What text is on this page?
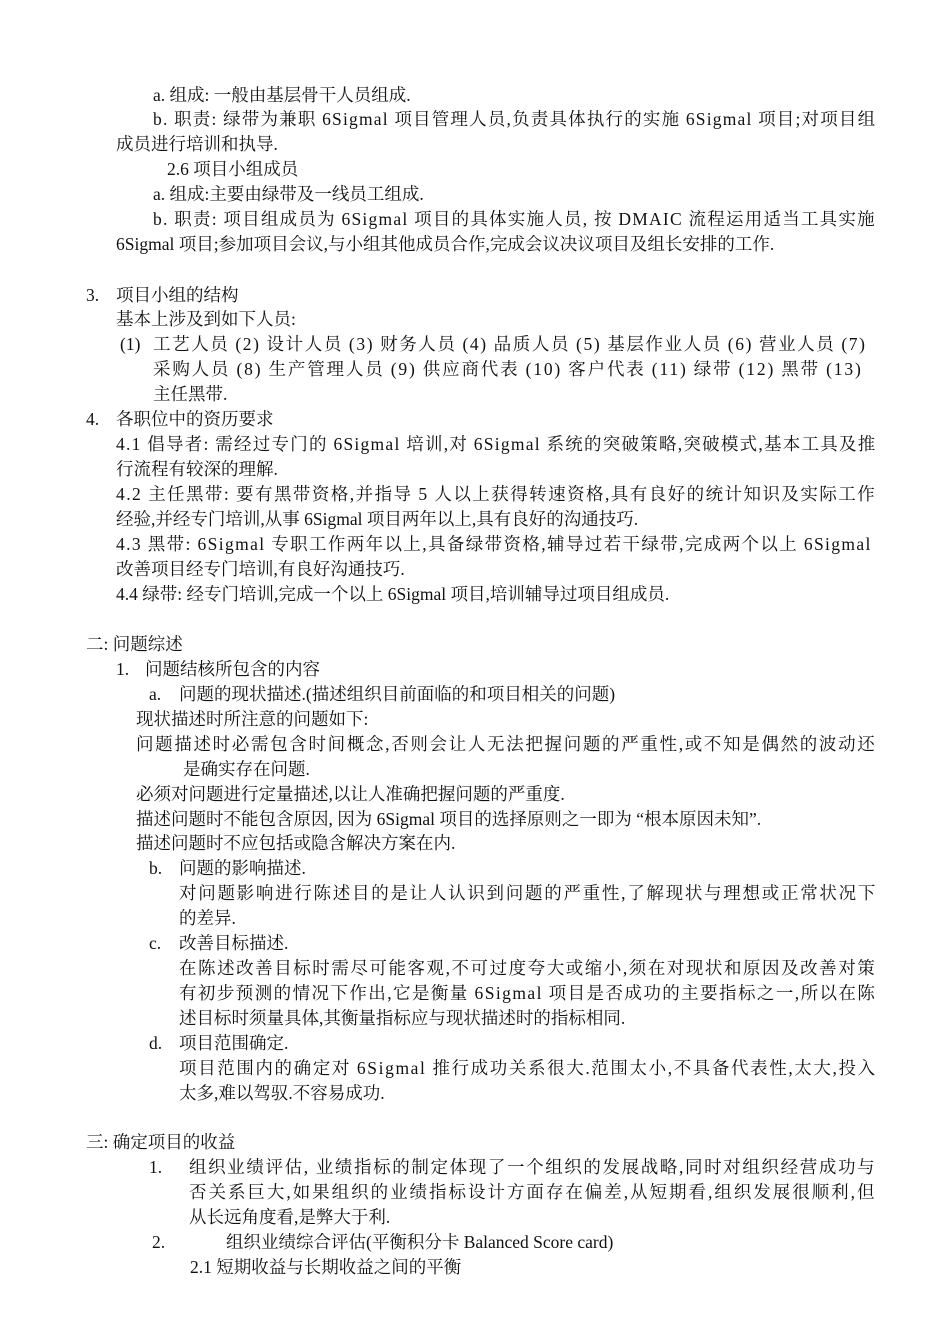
a. 组成: 一般由基层骨干人员组成.
b. 职责: 绿带为兼职 6Sigmal 项目管理人员,负责具体执行的实施 6Sigmal 项目;对项目组
成员进行培训和执导.
2.6 项目小组成员
a. 组成:主要由绿带及一线员工组成.
b. 职责: 项目组成员为 6Sigmal 项目的具体实施人员, 按 DMAIC 流程运用适当工具实施
6Sigmal 项目;参加项目会议,与小组其他成员合作,完成会议决议项目及组长安排的工作.
3. 项目小组的结构
基本上涉及到如下人员:
(1) 工艺人员 (2) 设计人员 (3) 财务人员 (4) 品质人员 (5) 基层作业人员 (6) 营业人员 (7)
采购人员 (8) 生产管理人员 (9) 供应商代表 (10) 客户代表 (11) 绿带 (12) 黑带 (13)
主任黑带.
4. 各职位中的资历要求
4.1 倡导者: 需经过专门的 6Sigmal 培训,对 6Sigmal 系统的突破策略,突破模式,基本工具及推
行流程有较深的理解.
4.2 主任黑带: 要有黑带资格,并指导 5 人以上获得转速资格,具有良好的统计知识及实际工作
经验,并经专门培训,从事 6Sigmal 项目两年以上,具有良好的沟通技巧.
4.3 黑带: 6Sigmal 专职工作两年以上,具备绿带资格,辅导过若干绿带,完成两个以上 6Sigmal
改善项目经专门培训,有良好沟通技巧.
4.4 绿带: 经专门培训,完成一个以上 6Sigmal 项目,培训辅导过项目组成员.
二: 问题综述
1. 问题结核所包含的内容
a. 问题的现状描述.(描述组织目前面临的和项目相关的问题)
现状描述时所注意的问题如下:
问题描述时必需包含时间概念,否则会让人无法把握问题的严重性,或不知是偶然的波动还
是确实存在问题.
必须对问题进行定量描述,以让人准确把握问题的严重度.
描述问题时不能包含原因, 因为 6Sigmal 项目的选择原则之一即为 “根本原因未知”.
描述问题时不应包括或隐含解决方案在内.
b. 问题的影响描述.
对问题影响进行陈述目的是让人认识到问题的严重性,了解现状与理想或正常状况下
的差异.
c. 改善目标描述.
在陈述改善目标时需尽可能客观,不可过度夸大或缩小,须在对现状和原因及改善对策
有初步预测的情况下作出,它是衡量 6Sigmal 项目是否成功的主要指标之一,所以在陈
述目标时须量具体,其衡量指标应与现状描述时的指标相同.
d. 项目范围确定.
项目范围内的确定对 6Sigmal 推行成功关系很大.范围太小,不具备代表性,太大,投入
太多,难以驾驭.不容易成功.
三: 确定项目的收益
1. 组织业绩评估, 业绩指标的制定体现了一个组织的发展战略,同时对组织经营成功与
否关系巨大,如果组织的业绩指标设计方面存在偏差,从短期看,组织发展很顺利,但
从长远角度看,是弊大于利.
2.	组织业绩综合评估(平衡积分卡 Balanced Score card)
2.1 短期收益与长期收益之间的平衡
